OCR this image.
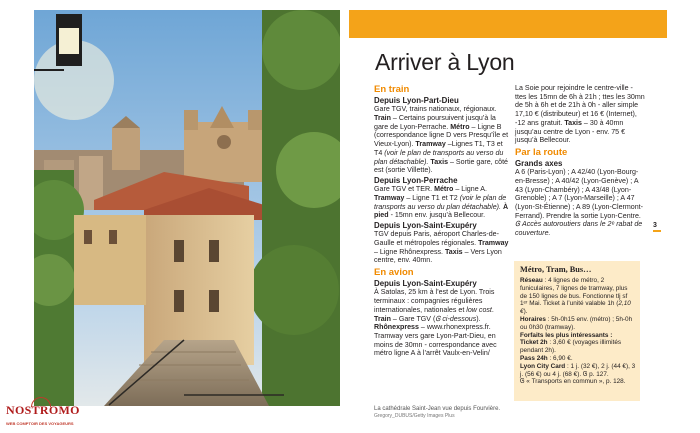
NOSTROMO
WEB COMPTOIR DES VOYAGEURS
Arriver à Lyon
En train
Depuis Lyon-Part-Dieu
Gare TGV, trains nationaux, régionaux. Train – Certains poursuivent jusqu’à la gare de Lyon-Perrache. Métro – Ligne B (correspondance ligne D vers Presqu’île et Vieux-Lyon). Tramway –Lignes T1, T3 et T4 (voir le plan de transports au verso du plan détachable). Taxis – Sortie gare, côté est (sortie Villette).
Depuis Lyon-Perrache
Gare TGV et TER. Métro – Ligne A. Tramway – Ligne T1 et T2 (voir le plan de transports au verso du plan détachable). À pied - 15mn env. jusqu’à Bellecour.
Depuis Lyon-Saint-Exupéry
TGV depuis Paris, aéroport Charles-de-Gaulle et métropoles régionales. Tramway – Ligne Rhônexpress. Taxis – Vers Lyon centre, env. 40mn.
En avion
Depuis Lyon-Saint-Exupéry
À Satolas, 25 km à l’est de Lyon. Trois terminaux : compagnies régulières internationales, nationales et low cost. Train – Gare TGV (Ꮆ ci-dessous). Rhônexpress – www.rhonexpress.fr. Tramway vers gare Lyon-Part-Dieu, en moins de 30mn - correspondance avec métro ligne A à l’arrêt Vaulx-en-Velin/
La Soie pour rejoindre le centre-ville - ttes les 15mn de 6h à 21h ; ttes les 30mn de 5h à 6h et de 21h à 0h - aller simple 17,10 € (distributeur) et 16 € (Internet), -12 ans gratuit. Taxis – 30 à 40mn jusqu’au centre de Lyon - env. 75 € jusqu’à Bellecour.
Par la route
Grands axes
A 6 (Paris-Lyon) ; A 42/40 (Lyon-Bourg-en-Bresse) ; A 40/42 (Lyon-Genève) ; A 43 (Lyon-Chambéry) ; A 43/48 (Lyon-Grenoble) ; A 7 (Lyon-Marseille) ; A 47 (Lyon-St-Étienne) ; A 89 (Lyon-Clermont-Ferrand). Prendre la sortie Lyon-Centre. Ꮆ Accès autoroutiers dans le 2ᵉ rabat de couverture.
Métro, Tram, Bus…
Réseau : 4 lignes de métro, 2 funiculaires, 7 lignes de tramway, plus de 150 lignes de bus. Fonctionne tlj sf 1ᵉʳ Mai. Ticket à l’unité valable 1h (2,10 €).
Horaires : 5h-0h15 env. (métro) ; 5h-0h ou 0h30 (tramway).
Forfaits les plus intéressants :
Ticket 2h : 3,60 € (voyages illimités pendant 2h).
Pass 24h : 6,90 €.
Lyon City Card : 1 j. (32 €), 2 j. (44 €), 3 j. (56 €) ou 4 j. (68 €). Ꮆ p. 127.
Ꮆ « Transports en commun », p. 128.
3
La cathédrale Saint-Jean vue depuis Fourvière.
Gregory_DUBUS/Getty Images Plus
